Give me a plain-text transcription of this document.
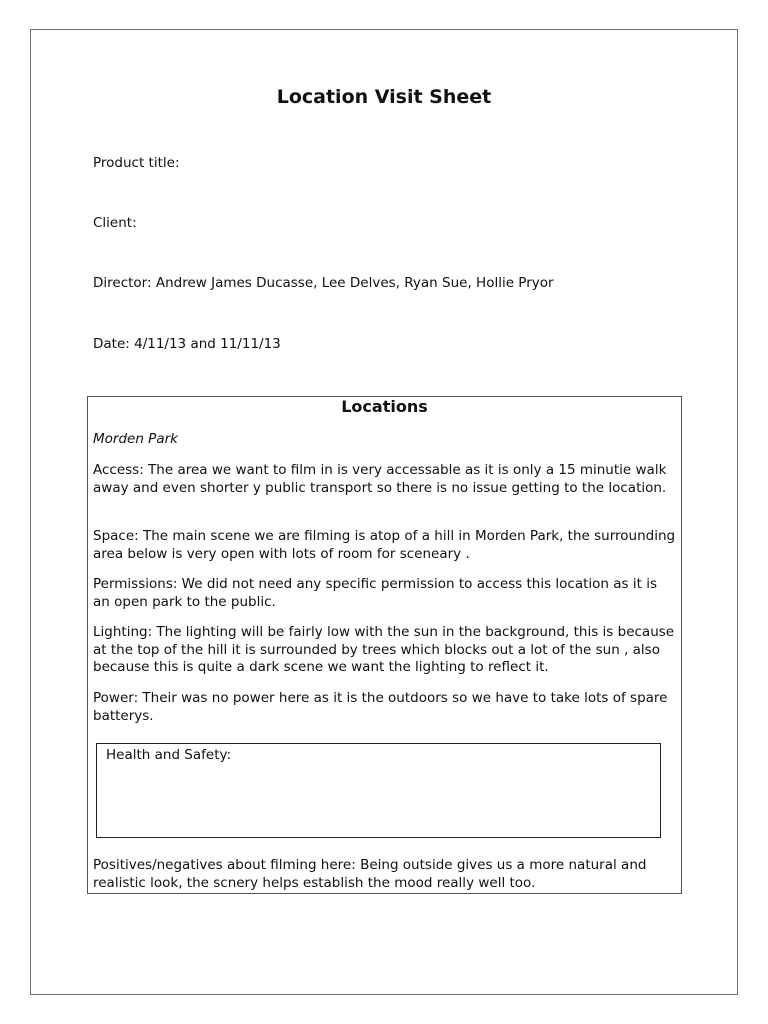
Location Visit Sheet

Product title:

Client:

Director: Andrew James Ducasse, Lee Delves, Ryan Sue, Hollie Pryor

Date: 4/11/13 and 11/11/13

Locations

Morden Park

Access: The area we want to film in is very accessable as it is only a 15 minutie walk away and even shorter y public transport so there is no issue getting to the location.

Space: The main scene we are filming is atop of a hill in Morden Park, the surrounding area below is very open with lots of room for sceneary .

Permissions: We did not need any specific permission to access this location as it is an open park to the public.

Lighting: The lighting will be fairly low with the sun in the background, this is because at the top of the hill it is surrounded by trees which blocks out a lot of the sun , also because this is quite a dark scene we want the lighting to reflect it.

Power: Their was no power here as it is the outdoors so we have to take lots of spare batterys.

Health and Safety:

Positives/negatives about filming here: Being outside gives us a more natural and realistic look, the scnery helps establish the mood really well too.
